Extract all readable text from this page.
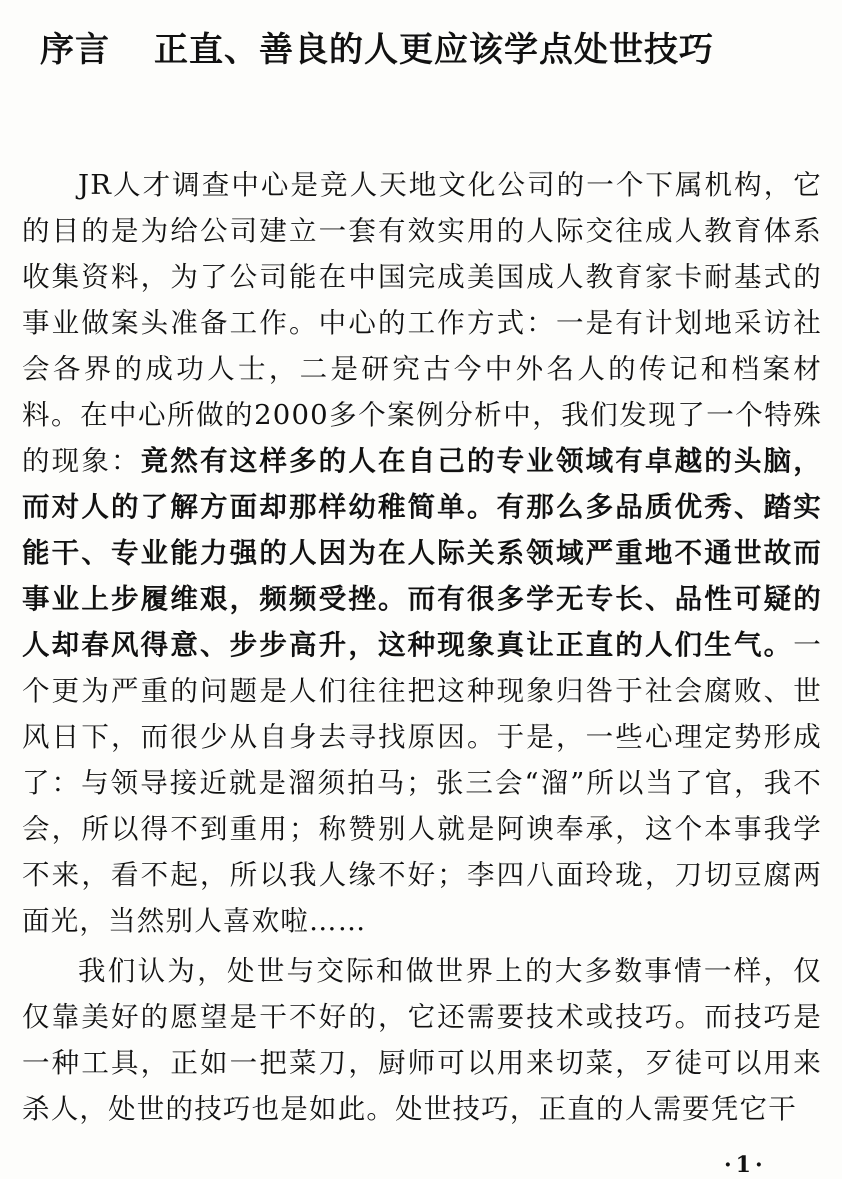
序言 正直、善良的人更应该学点处世技巧

JR人才调查中心是竞人天地文化公司的一个下属机构，它的目的是为给公司建立一套有效实用的人际交往成人教育体系收集资料，为了公司能在中国完成美国成人教育家卡耐基式的事业做案头准备工作。中心的工作方式：一是有计划地采访社会各界的成功人士，二是研究古今中外名人的传记和档案材料。在中心所做的2000多个案例分析中，我们发现了一个特殊的现象：竟然有这样多的人在自己的专业领域有卓越的头脑，而对人的了解方面却那样幼稚简单。有那么多品质优秀、踏实能干、专业能力强的人因为在人际关系领域严重地不通世故而事业上步履维艰，频频受挫。而有很多学无专长、品性可疑的人却春风得意、步步高升，这种现象真让正直的人们生气。一个更为严重的问题是人们往往把这种现象归咎于社会腐败、世风日下，而很少从自身去寻找原因。于是，一些心理定势形成了：与领导接近就是溜须拍马；张三会“溜”所以当了官，我不会，所以得不到重用；称赞别人就是阿谀奉承，这个本事我学不来，看不起，所以我人缘不好；李四八面玲珑，刀切豆腐两面光，当然别人喜欢啦……

我们认为，处世与交际和做世界上的大多数事情一样，仅仅靠美好的愿望是干不好的，它还需要技术或技巧。而技巧是一种工具，正如一把菜刀，厨师可以用来切菜，歹徒可以用来杀人，处世的技巧也是如此。处世技巧，正直的人需要凭它干

·1·
